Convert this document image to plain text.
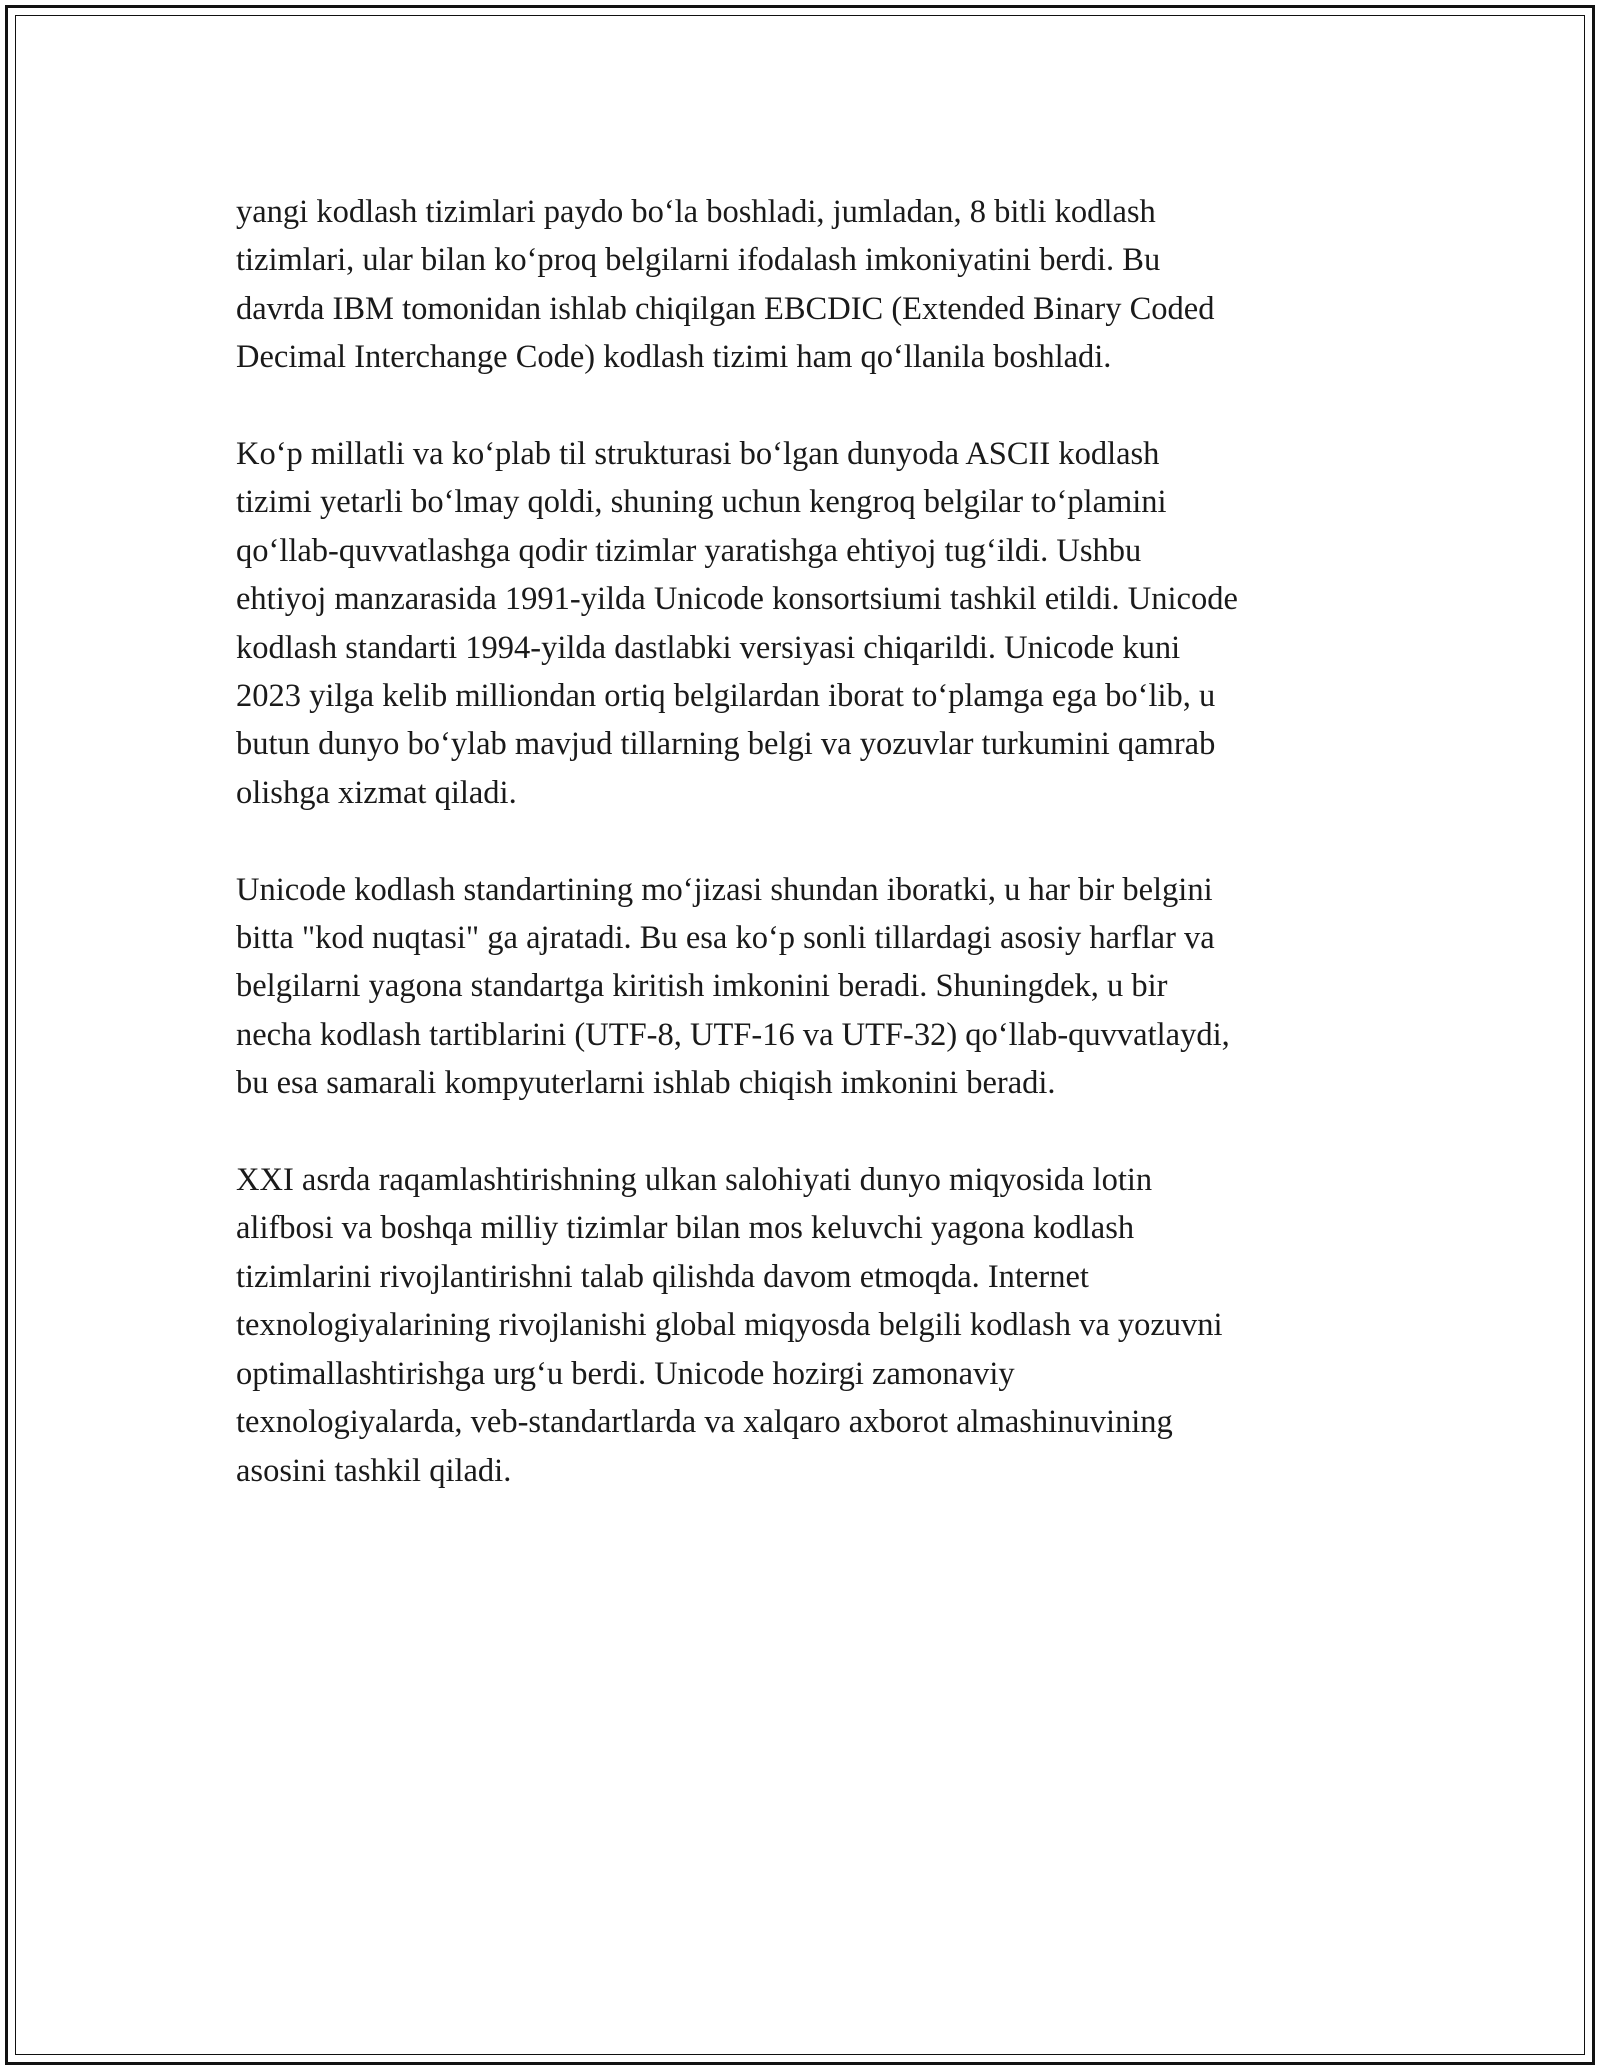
yangi kodlash tizimlari paydo bo‘la boshladi, jumladan, 8 bitli kodlash
tizimlari, ular bilan ko‘proq belgilarni ifodalash imkoniyatini berdi. Bu
davrda IBM tomonidan ishlab chiqilgan EBCDIC (Extended Binary Coded
Decimal Interchange Code) kodlash tizimi ham qo‘llanila boshladi.

Ko‘p millatli va ko‘plab til strukturasi bo‘lgan dunyoda ASCII kodlash
tizimi yetarli bo‘lmay qoldi, shuning uchun kengroq belgilar to‘plamini
qo‘llab-quvvatlashga qodir tizimlar yaratishga ehtiyoj tug‘ildi. Ushbu
ehtiyoj manzarasida 1991-yilda Unicode konsortsiumi tashkil etildi. Unicode
kodlash standarti 1994-yilda dastlabki versiyasi chiqarildi. Unicode kuni
2023 yilga kelib milliondan ortiq belgilardan iborat to‘plamga ega bo‘lib, u
butun dunyo bo‘ylab mavjud tillarning belgi va yozuvlar turkumini qamrab
olishga xizmat qiladi.

Unicode kodlash standartining mo‘jizasi shundan iboratki, u har bir belgini
bitta "kod nuqtasi" ga ajratadi. Bu esa ko‘p sonli tillardagi asosiy harflar va
belgilarni yagona standartga kiritish imkonini beradi. Shuningdek, u bir
necha kodlash tartiblarini (UTF-8, UTF-16 va UTF-32) qo‘llab-quvvatlaydi,
bu esa samarali kompyuterlarni ishlab chiqish imkonini beradi.

XXI asrda raqamlashtirishning ulkan salohiyati dunyo miqyosida lotin
alifbosi va boshqa milliy tizimlar bilan mos keluvchi yagona kodlash
tizimlarini rivojlantirishni talab qilishda davom etmoqda. Internet
texnologiyalarining rivojlanishi global miqyosda belgili kodlash va yozuvni
optimallashtirishga urg‘u berdi. Unicode hozirgi zamonaviy
texnologiyalarda, veb-standartlarda va xalqaro axborot almashinuvining
asosini tashkil qiladi.
